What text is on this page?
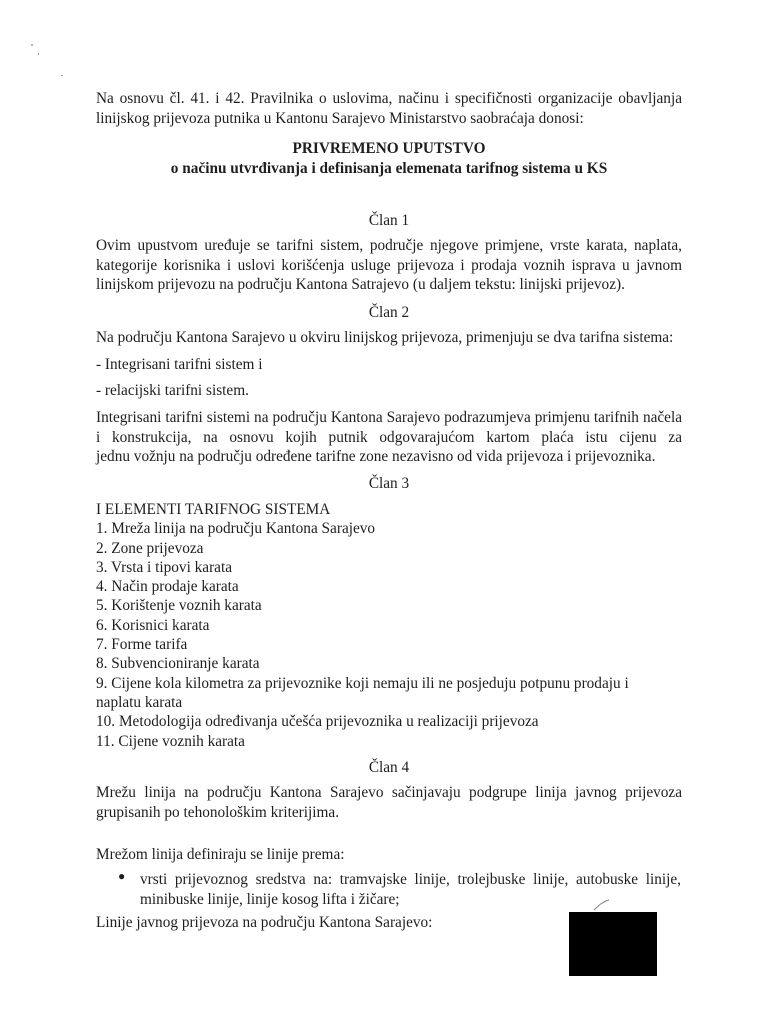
Na osnovu čl. 41. i 42. Pravilnika o uslovima, načinu i specifičnosti organizacije obavljanja
linijskog prijevoza putnika u Kantonu Sarajevo Ministarstvo saobraćaja donosi:

PRIVREMENO UPUTSTVO

o načinu utvrđivanja i definisanja elemenata tarifnog sistema u KS

Član 1

Ovim upustvom uređuje se tarifni sistem, područje njegove primjene, vrste karata, naplata, kategorije korisnika i uslovi korišćenja usluge prijevoza i prodaja voznih isprava u javnom
linijskom prijevozu na području Kantona Satrajevo (u daljem tekstu: linijski prijevoz).

Član 2

Na području Kantona Sarajevo u okviru linijskog prijevoza, primenjuju se dva tarifna sistema:

- Integrisani tarifni sistem i

- relacijski tarifni sistem.

Integrisani tarifni sistemi na području Kantona Sarajevo podrazumjeva primjenu tarifnih načela i konstrukcija, na osnovu kojih putnik odgovarajućom kartom plaća istu cijenu za
jednu vožnju na području određene tarifne zone nezavisno od vida prijevoza i prijevoznika.

Član 3

I ELEMENTI TARIFNOG SISTEMA
1. Mreža linija na području Kantona Sarajevo
2. Zone prijevoza
3. Vrsta i tipovi karata
4. Način prodaje karata
5. Korištenje voznih karata
6. Korisnici karata
7. Forme tarifa
8. Subvencioniranje karata
9. Cijene kola kilometra za prijevoznike koji nemaju ili ne posjeduju potpunu prodaju i
naplatu karata
10. Metodologija određivanja učešća prijevoznika u realizaciji prijevoza
11. Cijene voznih karata

Član 4

Mrežu linija na području Kantona Sarajevo sačinjavaju podgrupe linija javnog prijevoza
grupisanih po tehonološkim kriterijima.

Mrežom linija definiraju se linije prema:

● vrsti prijevoznog sredstva na: tramvajske linije, trolejbuske linije, autobuske linije,
minibuske linije, linije kosog lifta i žičare;

Linije javnog prijevoza na području Kantona Sarajevo:
